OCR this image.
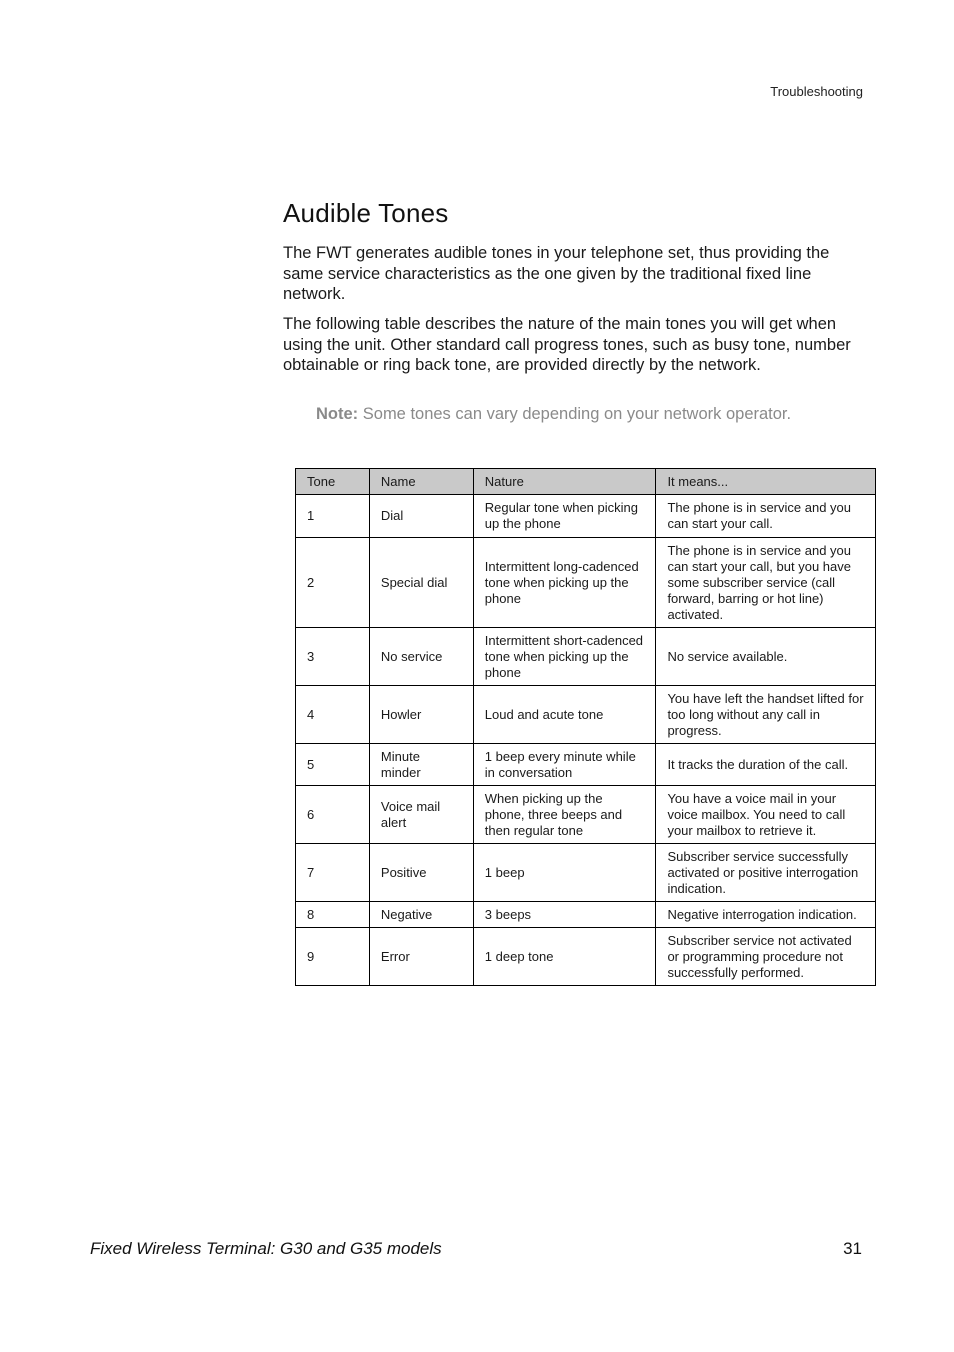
Troubleshooting
Audible Tones

The FWT generates audible tones in your telephone set, thus providing the same service characteristics as the one given by the traditional fixed line network.

The following table describes the nature of the main tones you will get when using the unit. Other standard call progress tones, such as busy tone, number obtainable or ring back tone, are provided directly by the network.

Note: Some tones can vary depending on your network operator.

Tone	Name	Nature	It means...
1	Dial	Regular tone when picking up the phone	The phone is in service and you can start your call.
2	Special dial	Intermittent long-cadenced tone when picking up the phone	The phone is in service and you can start your call, but you have some subscriber service (call forward, barring or hot line) activated.
3	No service	Intermittent short-cadenced tone when picking up the phone	No service available.
4	Howler	Loud and acute tone	You have left the handset lifted for too long without any call in progress.
5	Minute minder	1 beep every minute while in conversation	It tracks the duration of the call.
6	Voice mail alert	When picking up the phone, three beeps and then regular tone	You have a voice mail in your voice mailbox. You need to call your mailbox to retrieve it.
7	Positive	1 beep	Subscriber service successfully activated or positive interrogation indication.
8	Negative	3 beeps	Negative interrogation indication.
9	Error	1 deep tone	Subscriber service not activated or programming procedure not successfully performed.
Fixed Wireless Terminal: G30 and G35 models	31
